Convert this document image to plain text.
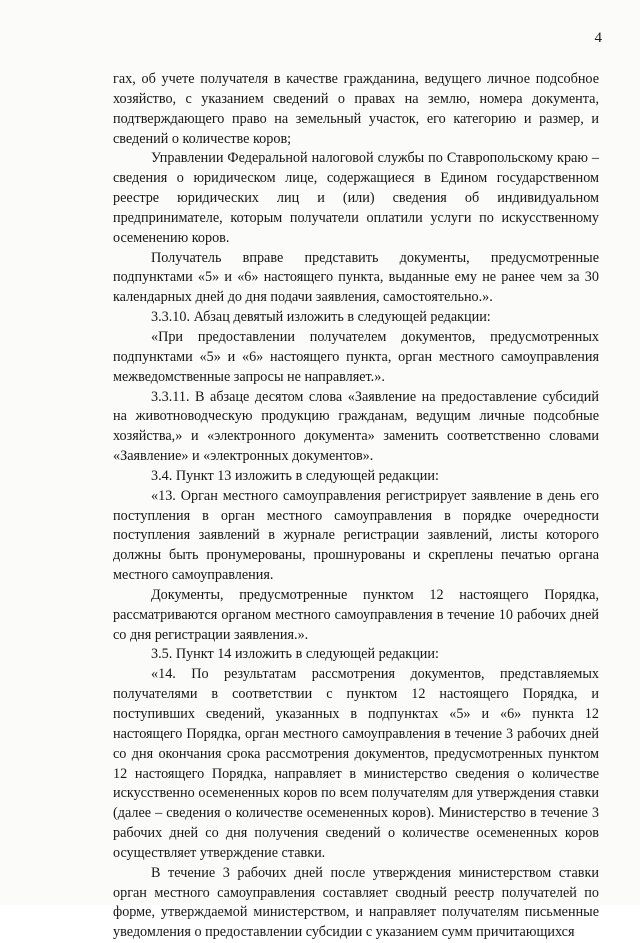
4

гах, об учете получателя в качестве гражданина, ведущего личное подсобное хозяйство, с указанием сведений о правах на землю, номера документа, подтверждающего право на земельный участок, его категорию и размер, и сведений о количестве коров;

Управлении Федеральной налоговой службы по Ставропольскому краю – сведения о юридическом лице, содержащиеся в Едином государственном реестре юридических лиц и (или) сведения об индивидуальном предпринимателе, которым получатели оплатили услуги по искусственному осеменению коров.

Получатель вправе представить документы, предусмотренные подпунктами «5» и «6» настоящего пункта, выданные ему не ранее чем за 30 календарных дней до дня подачи заявления, самостоятельно.».

3.3.10. Абзац девятый изложить в следующей редакции:

«При предоставлении получателем документов, предусмотренных подпунктами «5» и «6» настоящего пункта, орган местного самоуправления межведомственные запросы не направляет.».

3.3.11. В абзаце десятом слова «Заявление на предоставление субсидий на животноводческую продукцию гражданам, ведущим личные подсобные хозяйства,» и «электронного документа» заменить соответственно словами «Заявление» и «электронных документов».

3.4. Пункт 13 изложить в следующей редакции:

«13. Орган местного самоуправления регистрирует заявление в день его поступления в орган местного самоуправления в порядке очередности поступления заявлений в журнале регистрации заявлений, листы которого должны быть пронумерованы, прошнурованы и скреплены печатью органа местного самоуправления.

Документы, предусмотренные пунктом 12 настоящего Порядка, рассматриваются органом местного самоуправления в течение 10 рабочих дней со дня регистрации заявления.».

3.5. Пункт 14 изложить в следующей редакции:

«14. По результатам рассмотрения документов, представляемых получателями в соответствии с пунктом 12 настоящего Порядка, и поступивших сведений, указанных в подпунктах «5» и «6» пункта 12 настоящего Порядка, орган местного самоуправления в течение 3 рабочих дней со дня окончания срока рассмотрения документов, предусмотренных пунктом 12 настоящего Порядка, направляет в министерство сведения о количестве искусственно осемененных коров по всем получателям для утверждения ставки (далее – сведения о количестве осемененных коров). Министерство в течение 3 рабочих дней со дня получения сведений о количестве осемененных коров осуществляет утверждение ставки.

В течение 3 рабочих дней после утверждения министерством ставки орган местного самоуправления составляет сводный реестр получателей по форме, утверждаемой министерством, и направляет получателям письменные уведомления о предоставлении субсидии с указанием сумм причитающихся
